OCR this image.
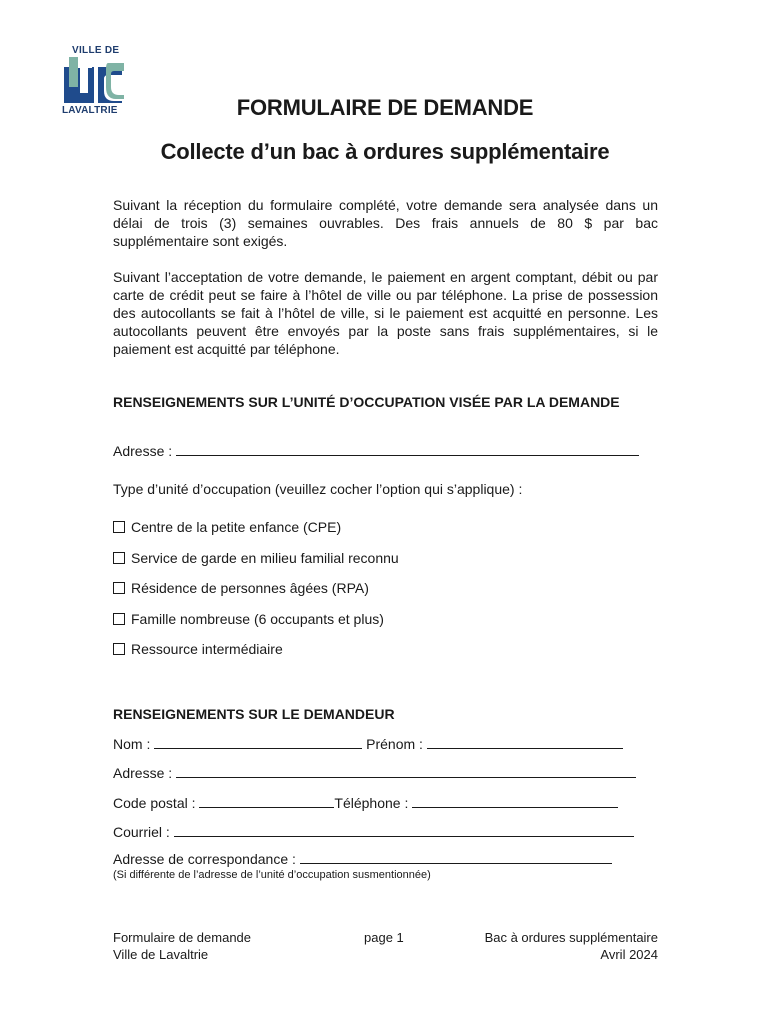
VILLE DE
LAVALTRIE	FORMULAIRE DE DEMANDE
Collecte d’un bac à ordures supplémentaire

Suivant la réception du formulaire complété, votre demande sera analysée dans un délai de trois (3) semaines ouvrables. Des frais annuels de 80 $ par bac supplémentaire sont exigés.

Suivant l’acceptation de votre demande, le paiement en argent comptant, débit ou par carte de crédit peut se faire à l’hôtel de ville ou par téléphone. La prise de possession des autocollants se fait à l’hôtel de ville, si le paiement est acquitté en personne. Les autocollants peuvent être envoyés par la poste sans frais supplémentaires, si le paiement est acquitté par téléphone.

RENSEIGNEMENTS SUR L’UNITÉ D’OCCUPATION VISÉE PAR LA DEMANDE

Adresse :
Type d’unité d’occupation (veuillez cocher l’option qui s’applique) :
Centre de la petite enfance (CPE)
Service de garde en milieu familial reconnu
Résidence de personnes âgées (RPA)
Famille nombreuse (6 occupants et plus)
Ressource intermédiaire

RENSEIGNEMENTS SUR LE DEMANDEUR

Nom :	Prénom :
Adresse :
Code postal :	Téléphone :
Courriel :
Adresse de correspondance :

(Si différente de l’adresse de l’unité d’occupation susmentionnée)

Formulaire de demande
Ville de Lavaltrie
page 1	Bac à ordures supplémentaire
Avril 2024
